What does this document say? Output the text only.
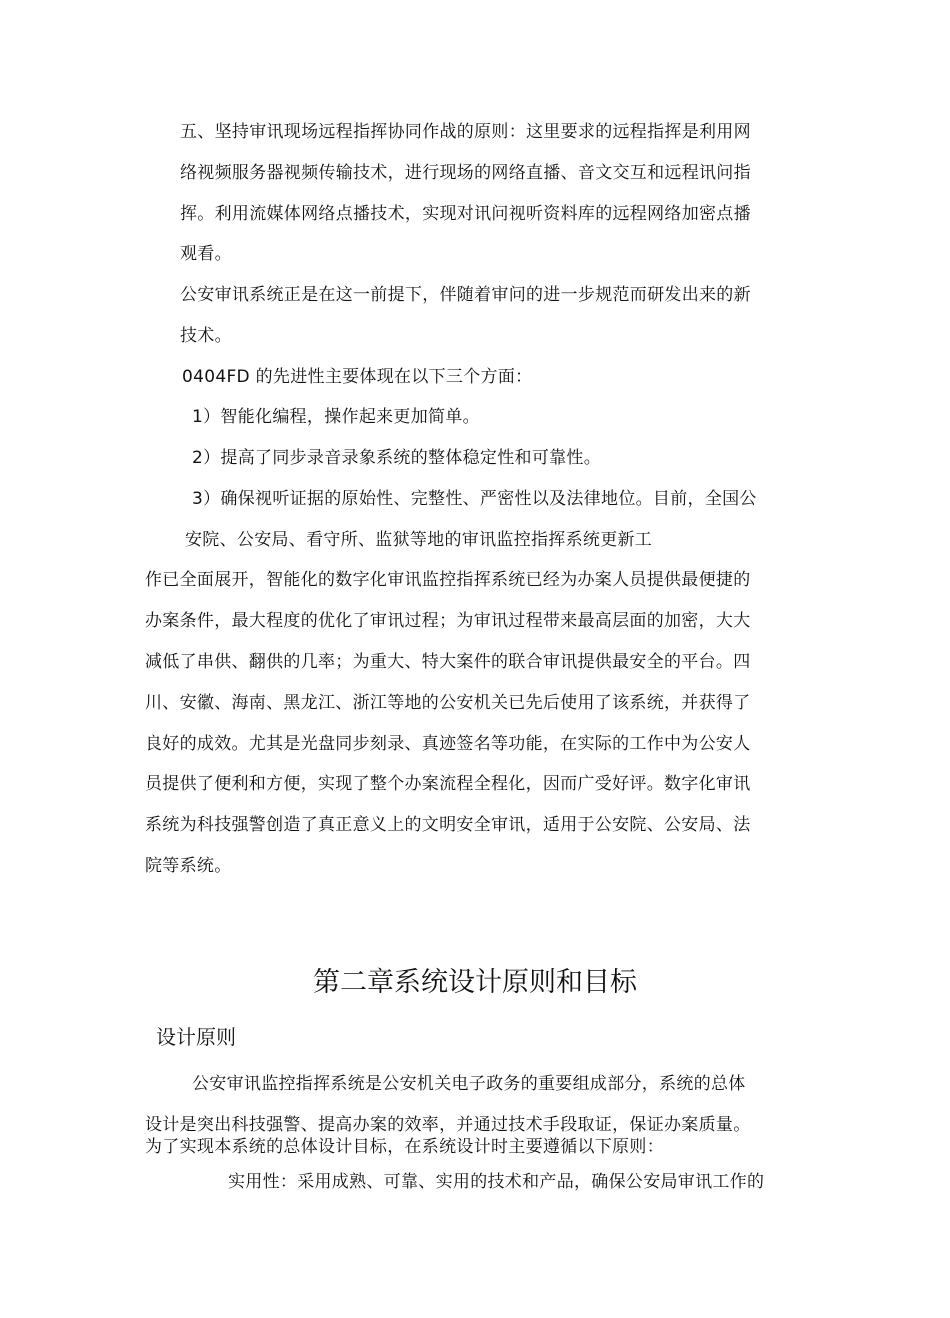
五、坚持审讯现场远程指挥协同作战的原则：这里要求的远程指挥是利用网

络视频服务器视频传输技术，进行现场的网络直播、音文交互和远程讯问指

挥。利用流媒体网络点播技术，实现对讯问视听资料库的远程网络加密点播

观看。

公安审讯系统正是在这一前提下，伴随着审问的进一步规范而研发出来的新

技术。

0404FD 的先进性主要体现在以下三个方面：

1）智能化编程，操作起来更加简单。

2）提高了同步录音录象系统的整体稳定性和可靠性。

3）确保视听证据的原始性、完整性、严密性以及法律地位。目前，全国公

安院、公安局、看守所、监狱等地的审讯监控指挥系统更新工

作已全面展开，智能化的数字化审讯监控指挥系统已经为办案人员提供最便捷的

办案条件，最大程度的优化了审讯过程；为审讯过程带来最高层面的加密，大大

减低了串供、翻供的几率；为重大、特大案件的联合审讯提供最安全的平台。四

川、安徽、海南、黑龙江、浙江等地的公安机关已先后使用了该系统，并获得了

良好的成效。尤其是光盘同步刻录、真迹签名等功能，在实际的工作中为公安人

员提供了便利和方便，实现了整个办案流程全程化，因而广受好评。数字化审讯

系统为科技强警创造了真正意义上的文明安全审讯，适用于公安院、公安局、法

院等系统。

第二章系统设计原则和目标
设计原则

公安审讯监控指挥系统是公安机关电子政务的重要组成部分，系统的总体

设计是突出科技强警、提高办案的效率，并通过技术手段取证，保证办案质量。

为了实现本系统的总体设计目标，在系统设计时主要遵循以下原则：

实用性：采用成熟、可靠、实用的技术和产品，确保公安局审讯工作的
